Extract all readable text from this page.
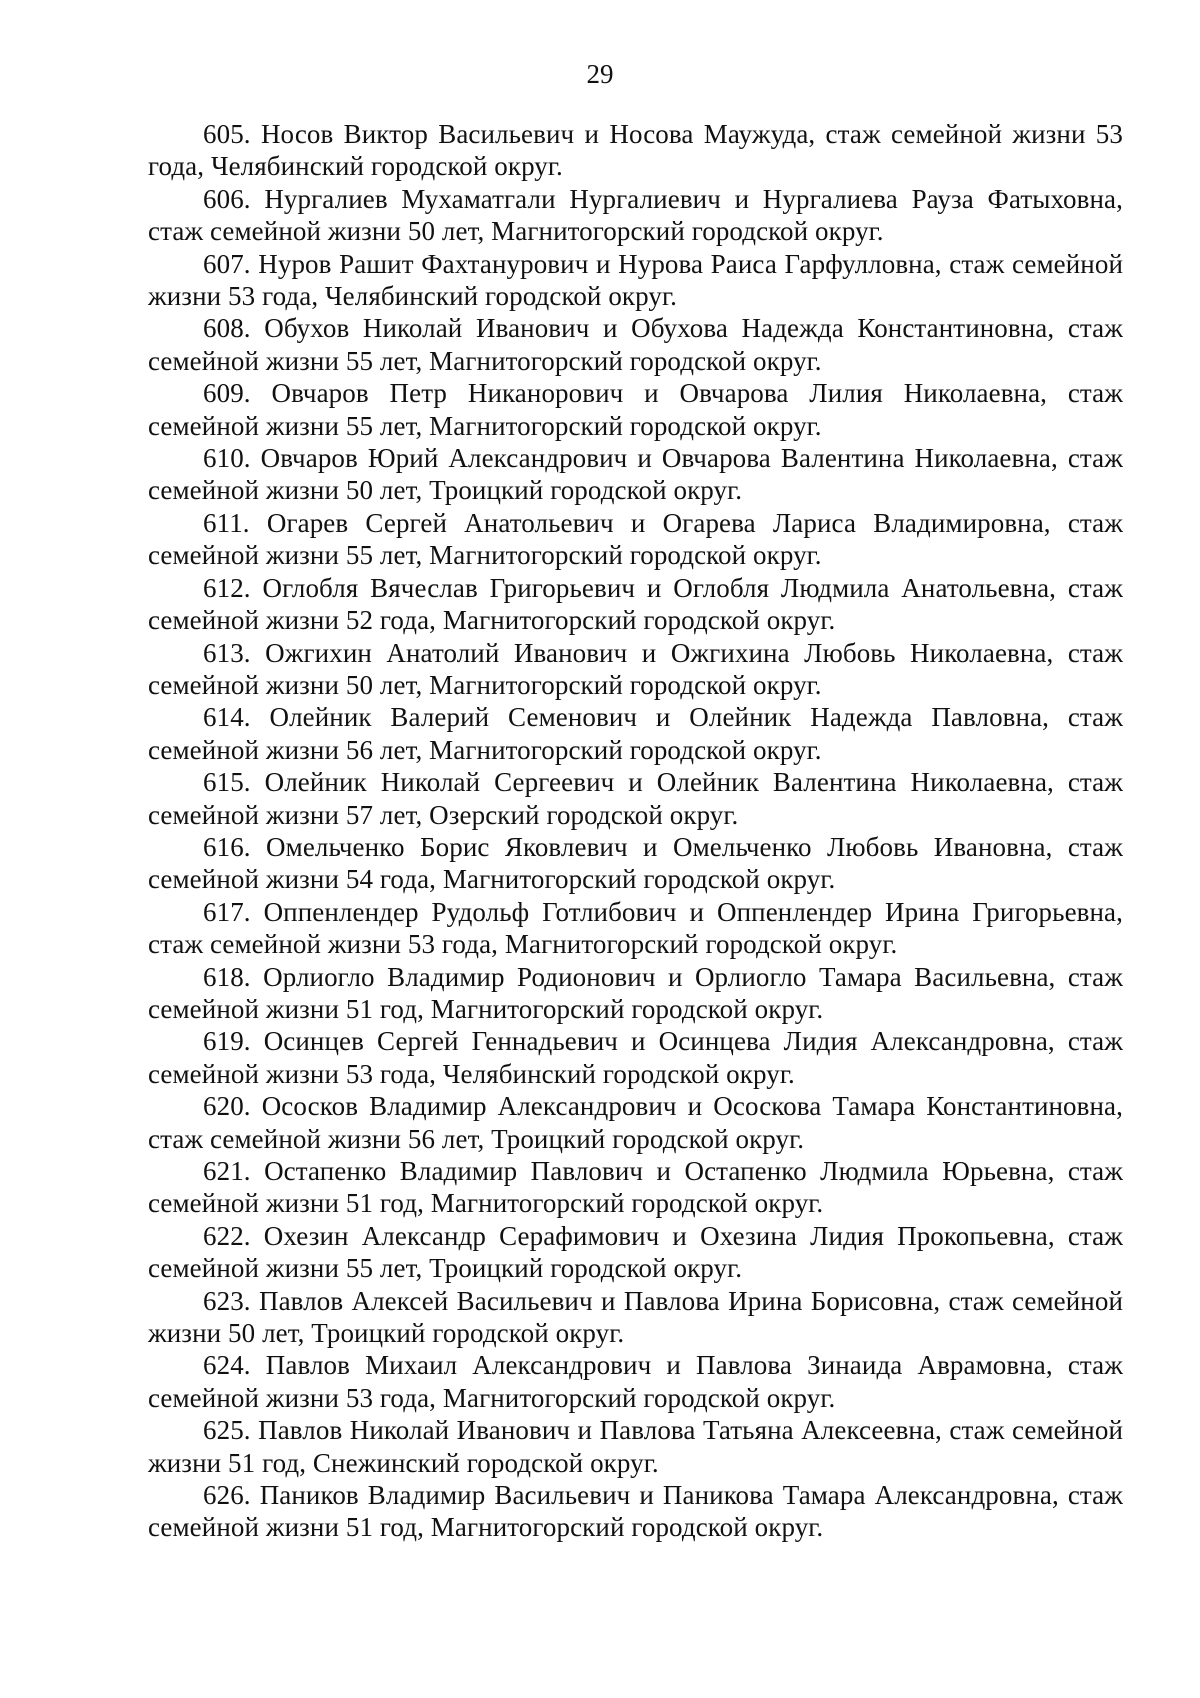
29

605. Носов Виктор Васильевич и Носова Маужуда, стаж семейной жизни 53 года, Челябинский городской округ.

606. Нургалиев Мухаматгали Нургалиевич и Нургалиева Рауза Фатыховна, стаж семейной жизни 50 лет, Магнитогорский городской округ.

607. Нуров Рашит Фахтанурович и Нурова Раиса Гарфулловна, стаж семейной жизни 53 года, Челябинский городской округ.

608. Обухов Николай Иванович и Обухова Надежда Константиновна, стаж семейной жизни 55 лет, Магнитогорский городской округ.

609. Овчаров Петр Никанорович и Овчарова Лилия Николаевна, стаж семейной жизни 55 лет, Магнитогорский городской округ.

610. Овчаров Юрий Александрович и Овчарова Валентина Николаевна, стаж семейной жизни 50 лет, Троицкий городской округ.

611. Огарев Сергей Анатольевич и Огарева Лариса Владимировна, стаж семейной жизни 55 лет, Магнитогорский городской округ.

612. Оглобля Вячеслав Григорьевич и Оглобля Людмила Анатольевна, стаж семейной жизни 52 года, Магнитогорский городской округ.

613. Ожгихин Анатолий Иванович и Ожгихина Любовь Николаевна, стаж семейной жизни 50 лет, Магнитогорский городской округ.

614. Олейник Валерий Семенович и Олейник Надежда Павловна, стаж семейной жизни 56 лет, Магнитогорский городской округ.

615. Олейник Николай Сергеевич и Олейник Валентина Николаевна, стаж семейной жизни 57 лет, Озерский городской округ.

616. Омельченко Борис Яковлевич и Омельченко Любовь Ивановна, стаж семейной жизни 54 года, Магнитогорский городской округ.

617. Оппенлендер Рудольф Готлибович и Оппенлендер Ирина Григорьевна, стаж семейной жизни 53 года, Магнитогорский городской округ.

618. Орлиогло Владимир Родионович и Орлиогло Тамара Васильевна, стаж семейной жизни 51 год, Магнитогорский городской округ.

619. Осинцев Сергей Геннадьевич и Осинцева Лидия Александровна, стаж семейной жизни 53 года, Челябинский городской округ.

620. Ососков Владимир Александрович и Ососкова Тамара Константиновна, стаж семейной жизни 56 лет, Троицкий городской округ.

621. Остапенко Владимир Павлович и Остапенко Людмила Юрьевна, стаж семейной жизни 51 год, Магнитогорский городской округ.

622. Охезин Александр Серафимович и Охезина Лидия Прокопьевна, стаж семейной жизни 55 лет, Троицкий городской округ.

623. Павлов Алексей Васильевич и Павлова Ирина Борисовна, стаж семейной жизни 50 лет, Троицкий городской округ.

624. Павлов Михаил Александрович и Павлова Зинаида Аврамовна, стаж семейной жизни 53 года, Магнитогорский городской округ.

625. Павлов Николай Иванович и Павлова Татьяна Алексеевна, стаж семейной жизни 51 год, Снежинский городской округ.

626. Паников Владимир Васильевич и Паникова Тамара Александровна, стаж семейной жизни 51 год, Магнитогорский городской округ.
